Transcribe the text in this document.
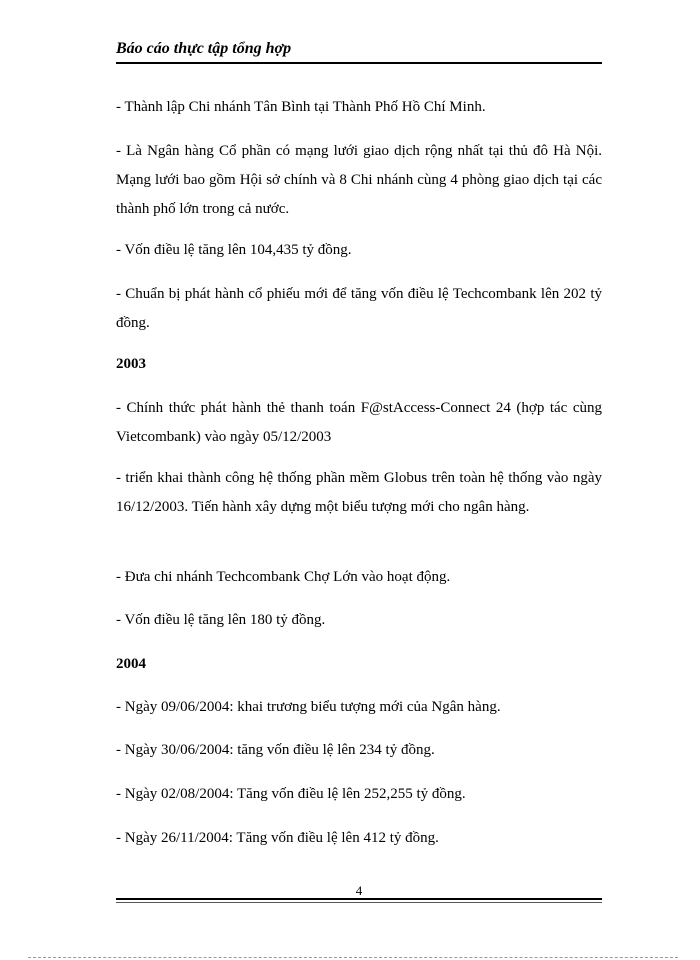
Báo cáo thực tập tổng hợp

- Thành lập Chi nhánh Tân Bình tại Thành Phố Hồ Chí Minh.

- Là Ngân hàng Cổ phần có mạng lưới giao dịch rộng nhất tại thủ đô Hà Nội. Mạng lưới bao gồm Hội sở chính và 8 Chi nhánh cùng 4 phòng giao dịch tại các thành phố lớn trong cả nước.

- Vốn điều lệ tăng lên 104,435 tỷ đồng.

- Chuẩn bị phát hành cổ phiếu mới để tăng vốn điều lệ Techcombank lên 202 tỷ đồng.

2003

- Chính thức phát hành thẻ thanh toán F@stAccess-Connect 24 (hợp tác cùng Vietcombank) vào ngày 05/12/2003

- triển khai thành công hệ thống phần mềm Globus trên toàn hệ thống vào ngày 16/12/2003. Tiến hành xây dựng một biểu tượng mới cho ngân hàng.

- Đưa chi nhánh Techcombank Chợ Lớn vào hoạt động.

- Vốn điều lệ tăng lên 180 tỷ đồng.

2004

- Ngày 09/06/2004: khai trương biểu tượng mới của Ngân hàng.

- Ngày 30/06/2004: tăng vốn điều lệ lên 234 tỷ đồng.

- Ngày 02/08/2004: Tăng vốn điều lệ lên 252,255 tỷ đồng.

- Ngày 26/11/2004: Tăng vốn điều lệ lên 412 tỷ đồng.

4
